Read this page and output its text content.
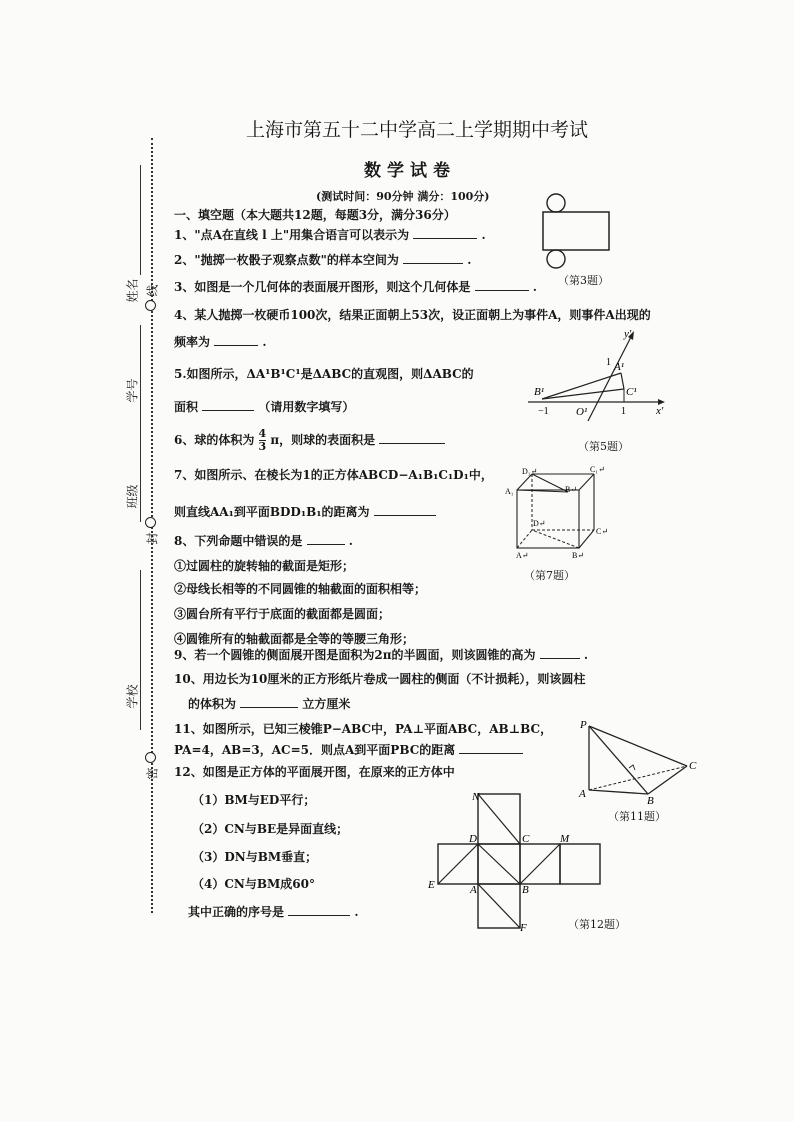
上海市第五十二中学高二上学期期中考试
数学试卷
(测试时间：90分钟 满分：100分)
姓名 线
学号
班级
封
学校
密
一、填空题（本大题共12题，每题3分，满分36分）
1、"点A在直线 l 上"用集合语言可以表示为	.
2、"抛掷一枚骰子观察点数"的样本空间为	.
3、如图是一个几何体的表面展开图形，则这个几何体是	.
4、某人抛掷一枚硬币100次，结果正面朝上53次，设正面朝上为事件A，则事件A出现的
频率为	.
5.如图所示，ΔA¹B¹C¹是ΔABC的直观图，则ΔABC的
面积	（请用数字填写）
6、球的体积为 $\frac{4}{3}$ π，则球的表面积是
7、如图所示、在棱长为1的正方体ABCD−A₁B₁C₁D₁中，
则直线AA₁到平面BDD₁B₁的距离为
8、下列命题中错误的是	.
①过圆柱的旋转轴的截面是矩形；
②母线长相等的不同圆锥的轴截面的面积相等；
③圆台所有平行于底面的截面都是圆面；
④圆锥所有的轴截面都是全等的等腰三角形；
9、若一个圆锥的侧面展开图是面积为2π的半圆面，则该圆锥的高为	.
10、用边长为10厘米的正方形纸片卷成一圆柱的侧面（不计损耗），则该圆柱
的体积为	立方厘米
11、如图所示，已知三棱锥P−ABC中，PA⊥平面ABC，AB⊥BC，
PA=4，AB=3，AC=5．则点A到平面PBC的距离
12、如图是正方体的平面展开图，在原来的正方体中
（1）BM与ED平行；
（2）CN与BE是异面直线；
（3）DN与BM垂直；
（4）CN与BM成60°
其中正确的序号是	.
（第3题）
y'
1 A¹
B¹	C¹
−1 O¹	1	x'
（第5题）
D₁↵	C₁↵
A₁	B↵
D↵
C↵
A↵	B↵
（第7题）
P
A
B
C
（第11题）
N
D	C	M
E	A	B
F	（第12题）
